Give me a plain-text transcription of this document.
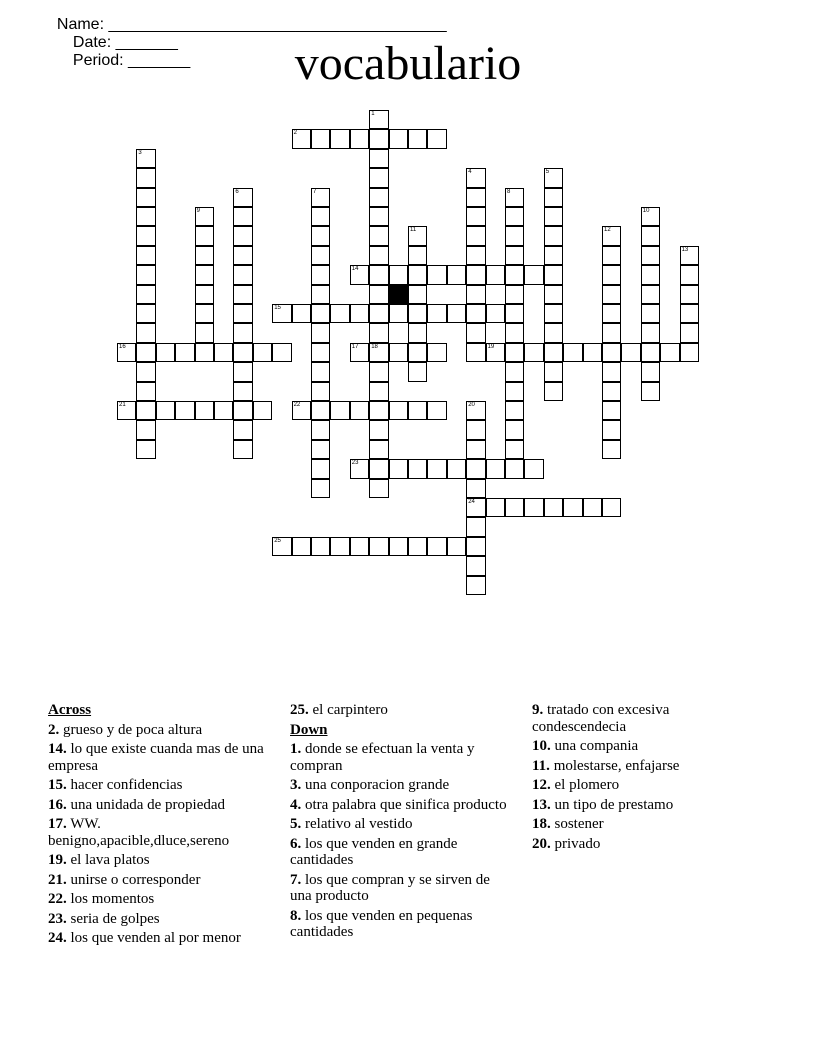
Name: ______________________________________
Date: _______
Period: _______	vocabulario
2
14
15
16	17 18	19
21	22
23
24
25
1
3
4	5
6	7	8
9	10
11	12
13
20
Across
2. grueso y de poca altura
14. lo que existe cuanda mas de una empresa
15. hacer confidencias
16. una unidada de propiedad
17. WW. benigno,apacible,dluce,sereno
19. el lava platos
21. unirse o corresponder
22. los momentos
23. seria de golpes
24. los que venden al por menor
25. el carpintero
Down
1. donde se efectuan la venta y compran
3. una conporacion grande
4. otra palabra que sinifica producto
5. relativo al vestido
6. los que venden en grande cantidades
7. los que compran y se sirven de una producto
8. los que venden en pequenas cantidades
9. tratado con excesiva condescendecia
10. una compania
11. molestarse, enfajarse
12. el plomero
13. un tipo de prestamo
18. sostener
20. privado
